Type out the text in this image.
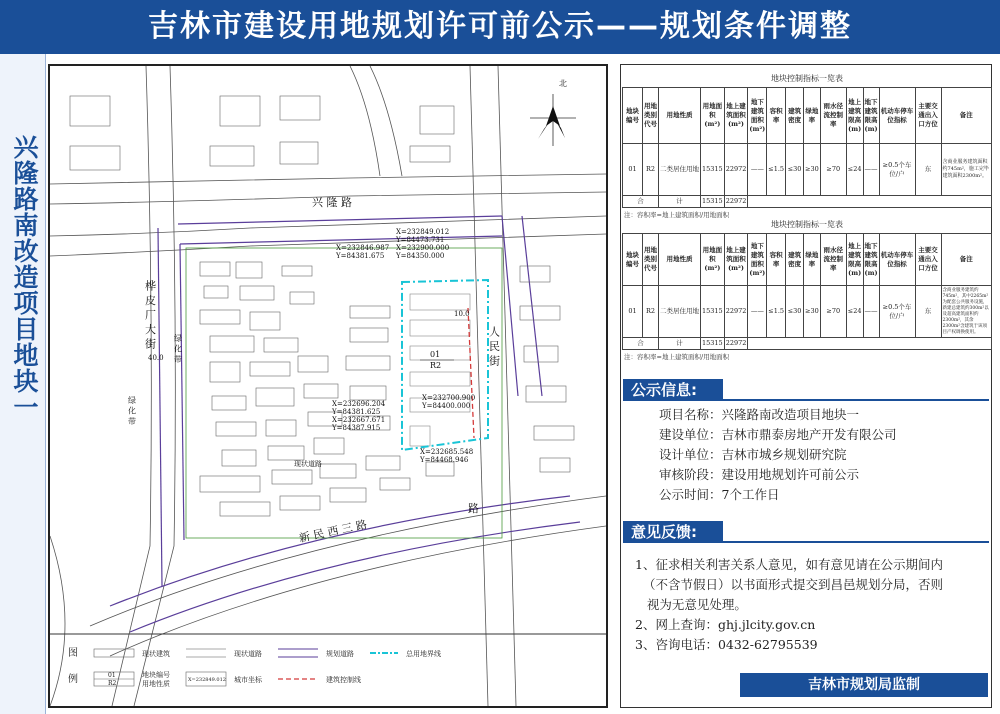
吉林市建设用地规划许可前公示——规划条件调整
兴隆路南改造项目地块一
北
01
R2
兴 隆 路
桦 皮 厂 大 街
40.0	人 民 街
路
新 民 西 三 路
现状道路
绿 化 带
绿 化 带
10.0
X=232849.012
Y=84473.731
X=232900.000
Y=84350.000
X=232846.987
Y=84381.675
X=232700.900
Y=84400.000
X=232696.204
Y=84381.625
X=232667.671
Y=84387.915
X=232685.548
Y=84468.946
图
例
现状建筑	现状道路	规划道路	总用地界线
01
R2
地块编号
用地性质	X=232849.012 城市坐标	建筑控制线
地块控制指标一览表
地块编号	用地类别代号	用地性质	用地面积(m²)	地上建筑面积(m²)	地下建筑面积(m²)	容积率	建筑密度	绿地率	雨水径流控制率	地上建筑限高(m)	地下建筑限高(m)	机动车停车位指标	主要交通出入口方位	备注
01	R2	二类居住用地	15315	22972	——	≤1.5	≤30	≥30	≥70	≤24	——	≥0.5个车位/户	东	含商业服务建筑面积约745m²，施工完毕建筑面积2300m²。
合		计	15315	22972										
注：容积率=地上建筑面积/用地面积
地块控制指标一览表
地块编号	用地类别代号	用地性质	用地面积(m²)	地上建筑面积(m²)	地下建筑面积(m²)	容积率	建筑密度	绿地率	雨水径流控制率	地上建筑限高(m)	地下建筑限高(m)	机动车停车位指标	主要交通出入口方位	备注
01	R2	二类居住用地	15315	22972	——	≤1.5	≤30	≥30	≥70	≤24	——	≥0.5个车位/户	东	含商业服务建筑约745m²，其中2265m²为配套公共服务设施，新建总建筑约300m²以及超高建筑面积约2300m²，其余2300m²含建筑于该项目产权调换使用。
合		计	15315	22972										
注：容积率=地上建筑面积/用地面积
公示信息:
项目名称：兴隆路南改造项目地块一
建设单位：吉林市鼎泰房地产开发有限公司
设计单位：吉林市城乡规划研究院
审核阶段：建设用地规划许可前公示
公示时间：7个工作日
意见反馈:
1、征求相关利害关系人意见，如有意见请在公示期间内
（不含节假日）以书面形式提交到昌邑规划分局，否则
视为无意见处理。
2、网上查询：ghj.jlcity.gov.cn
3、咨询电话：0432-62795539
吉林市规划局监制
